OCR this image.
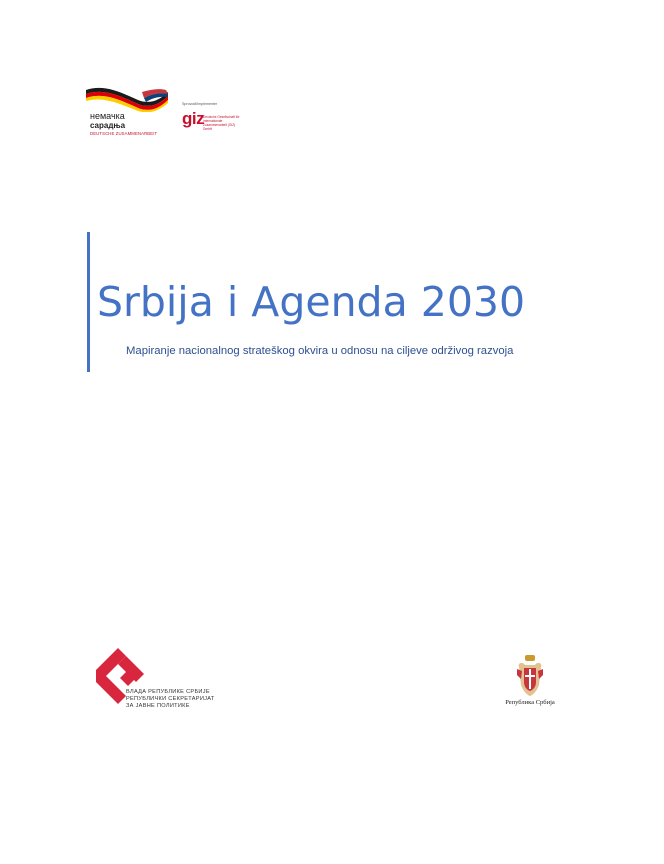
немачка
сарадња
DEUTSCHE ZUSAMMENARBEIT
Sprovodi/Implementer
giz
Deutsche Gesellschaft für Internationale Zusammenarbeit (GIZ) GmbH
Srbija i Agenda 2030
Mapiranje nacionalnog strateškog okvira u odnosu na ciljeve održivog razvoja
ВЛАДА РЕПУБЛИКЕ СРБИЈЕ
РЕПУБЛИЧКИ СЕКРЕТАРИЈАТ
ЗА ЈАВНЕ ПОЛИТИКЕ	Република Србија
